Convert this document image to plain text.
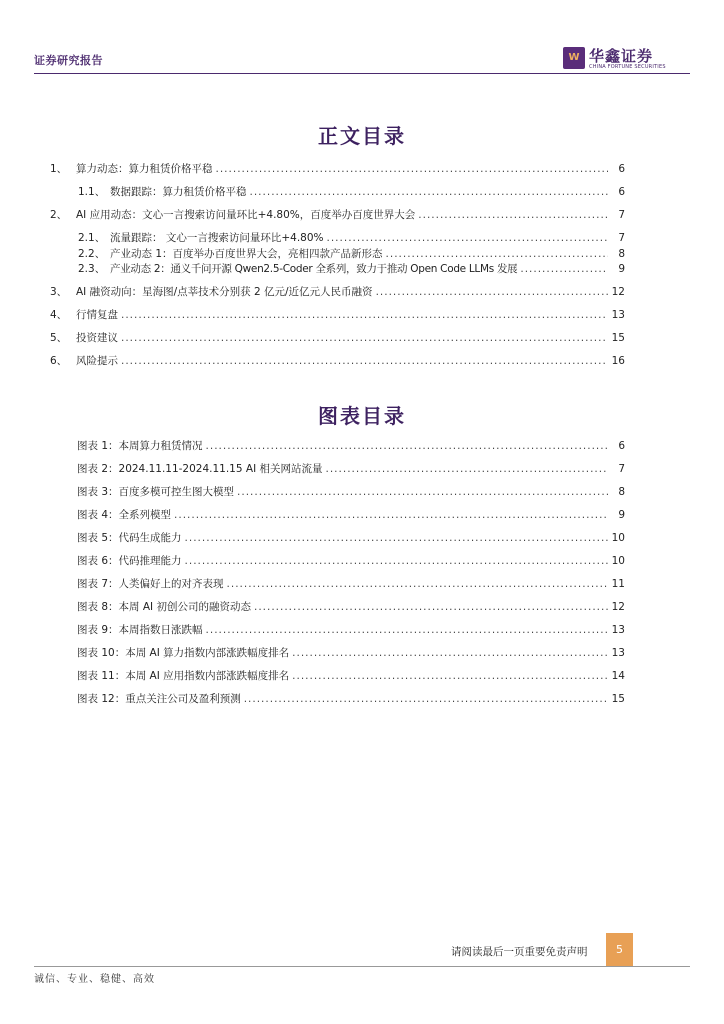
证券研究报告	W 华鑫证券
CHINA FORTUNE SECURITIES
正文目录
1、 算力动态：算力租赁价格平稳 .....	6
1.1、 数据跟踪：算力租赁价格平稳 .....	6
2、 AI 应用动态：文心一言搜索访问量环比+4.80%，百度举办百度世界大会 .....	7
2.1、 流量跟踪： 文心一言搜索访问量环比+4.80% .....	7
2.2、 产业动态 1：百度举办百度世界大会，亮相四款产品新形态 .....	8
2.3、 产业动态 2：通义千问开源 Qwen2.5-Coder 全系列，致力于推动 Open Code LLMs 发展 .....	9
3、 AI 融资动向：星海图/点莘技术分别获 2 亿元/近亿元人民币融资 .....	12
4、 行情复盘 .....	13
5、 投资建议 .....	15
6、 风险提示 .....	16
图表目录
图表 1：本周算力租赁情况 .....	6
图表 2：2024.11.11-2024.11.15 AI 相关网站流量 .....	7
图表 3：百度多模可控生图大模型 .....	8
图表 4：全系列模型 .....	9
图表 5：代码生成能力 .....	10
图表 6：代码推理能力 .....	10
图表 7：人类偏好上的对齐表现 .....	11
图表 8：本周 AI 初创公司的融资动态 .....	12
图表 9：本周指数日涨跌幅 .....	13
图表 10：本周 AI 算力指数内部涨跌幅度排名 .....	13
图表 11：本周 AI 应用指数内部涨跌幅度排名 .....	14
图表 12：重点关注公司及盈利预测 .....	15
请阅读最后一页重要免责声明	5
诚信、专业、稳健、高效
